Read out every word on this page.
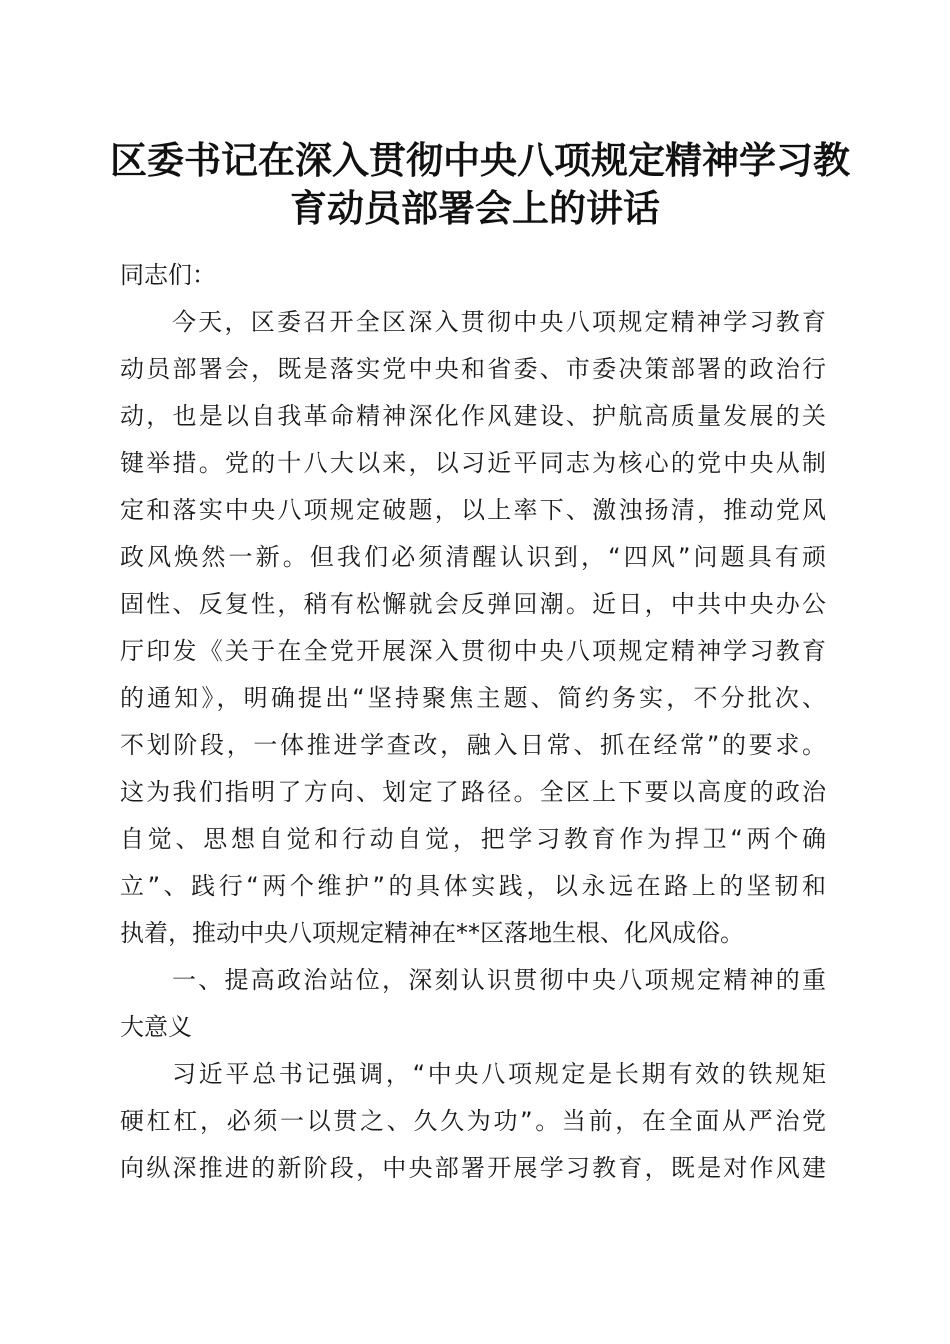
区委书记在深入贯彻中央八项规定精神学习教
育动员部署会上的讲话
同志们：
今天，区委召开全区深入贯彻中央八项规定精神学习教育
动员部署会，既是落实党中央和省委、市委决策部署的政治行
动，也是以自我革命精神深化作风建设、护航高质量发展的关
键举措。党的十八大以来，以习近平同志为核心的党中央从制
定和落实中央八项规定破题，以上率下、激浊扬清，推动党风
政风焕然一新。但我们必须清醒认识到，“四风”问题具有顽
固性、反复性，稍有松懈就会反弹回潮。近日，中共中央办公
厅印发《关于在全党开展深入贯彻中央八项规定精神学习教育
的通知》，明确提出“坚持聚焦主题、简约务实，不分批次、
不划阶段，一体推进学查改，融入日常、抓在经常”的要求。
这为我们指明了方向、划定了路径。全区上下要以高度的政治
自觉、思想自觉和行动自觉，把学习教育作为捍卫“两个确
立”、践行“两个维护”的具体实践，以永远在路上的坚韧和
执着，推动中央八项规定精神在**区落地生根、化风成俗。
一、提高政治站位，深刻认识贯彻中央八项规定精神的重
大意义
习近平总书记强调，“中央八项规定是长期有效的铁规矩
硬杠杠，必须一以贯之、久久为功”。当前，在全面从严治党
向纵深推进的新阶段，中央部署开展学习教育，既是对作风建
